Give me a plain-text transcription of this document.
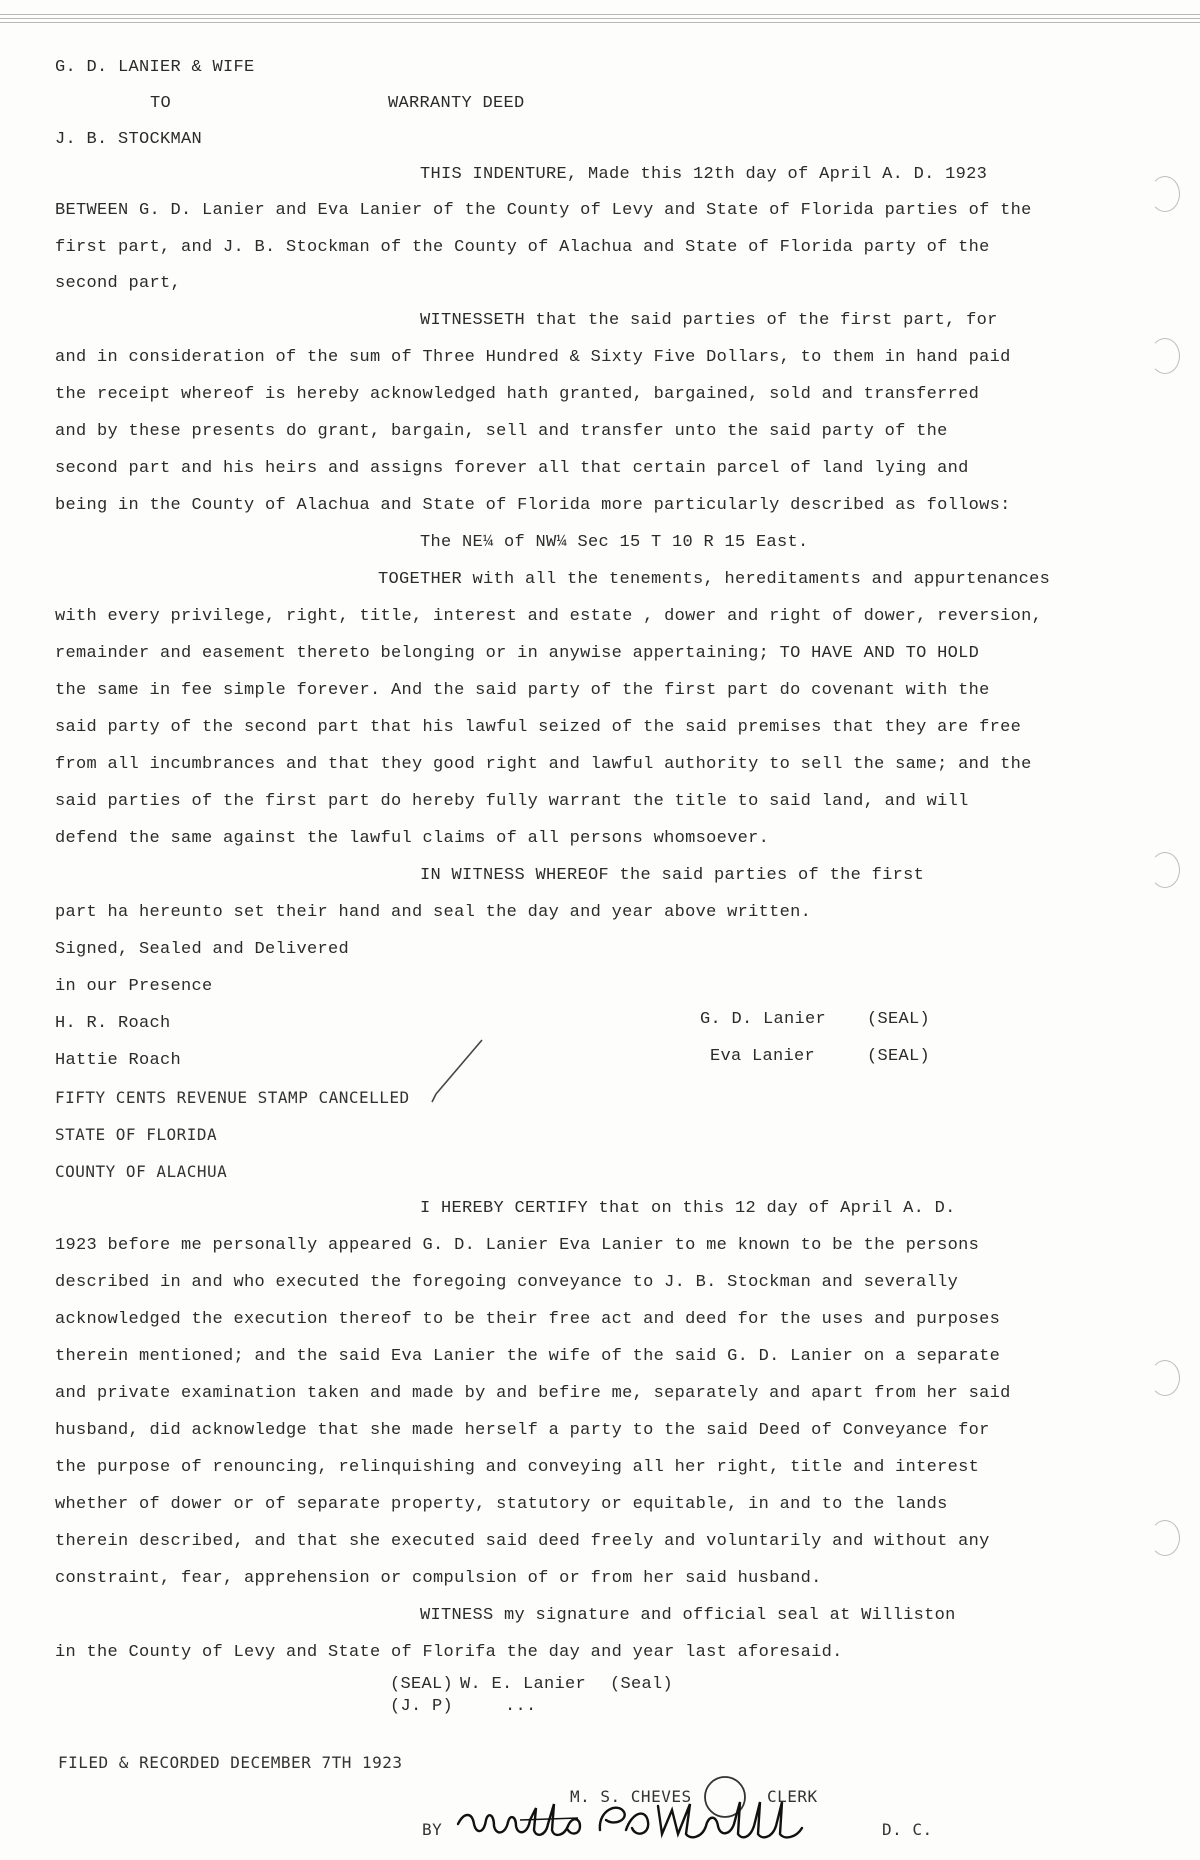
G. D. LANIER & WIFE
TO	WARRANTY DEED
J. B. STOCKMAN
THIS INDENTURE, Made this 12th day of April A. D. 1923
BETWEEN G. D. Lanier and Eva Lanier of the County of Levy and State of Florida parties of the
first part, and J. B. Stockman of the County of Alachua and State of Florida party of the
second part,
WITNESSETH that the said parties of the first part, for
and in consideration of the sum of Three Hundred & Sixty Five Dollars, to them in hand paid
the receipt whereof is hereby acknowledged hath granted, bargained, sold and transferred
and by these presents do grant, bargain, sell and transfer unto the said party of the
second part and his heirs and assigns forever all that certain parcel of land lying and
being in the County of Alachua and State of Florida more particularly described as follows:
The NE¼ of NW¼ Sec 15 T 10 R 15 East.
TOGETHER with all the tenements, hereditaments and appurtenances
with every privilege, right, title, interest and estate , dower and right of dower, reversion,
remainder and easement thereto belonging or in anywise appertaining; TO HAVE AND TO HOLD
the same in fee simple forever. And the said party of the first part do covenant with the
said party of the second part that his lawful seized of the said premises that they are free
from all incumbrances and that they good right and lawful authority to sell the same; and the
said parties of the first part do hereby fully warrant the title to said land, and will
defend the same against the lawful claims of all persons whomsoever.
IN WITNESS WHEREOF the said parties of the first
part ha hereunto set their hand and seal the day and year above written.
Signed, Sealed and Delivered
in our Presence
H. R. Roach	G. D. Lanier (SEAL)
Hattie Roach	Eva Lanier	(SEAL)
FIFTY CENTS REVENUE STAMP CANCELLED
STATE OF FLORIDA
COUNTY OF ALACHUA
I HEREBY CERTIFY that on this 12 day of April A. D.
1923 before me personally appeared G. D. Lanier Eva Lanier to me known to be the persons
described in and who executed the foregoing conveyance to J. B. Stockman and severally
acknowledged the execution thereof to be their free act and deed for the uses and purposes
therein mentioned; and the said Eva Lanier the wife of the said G. D. Lanier on a separate
and private examination taken and made by and befire me, separately and apart from her said
husband, did acknowledge that she made herself a party to the said Deed of Conveyance for
the purpose of renouncing, relinquishing and conveying all her right, title and interest
whether of dower or of separate property, statutory or equitable, in and to the lands
therein described, and that she executed said deed freely and voluntarily and without any
constraint, fear, apprehension or compulsion of or from her said husband.
WITNESS my signature and official seal at Williston
in the County of Levy and State of Florifa the day and year last aforesaid.
(SEAL) W. E. Lanier (Seal)
(J. P)	...
FILED & RECORDED DECEMBER 7TH 1923
M. S. CHEVES	CLERK
BY	D. C.
